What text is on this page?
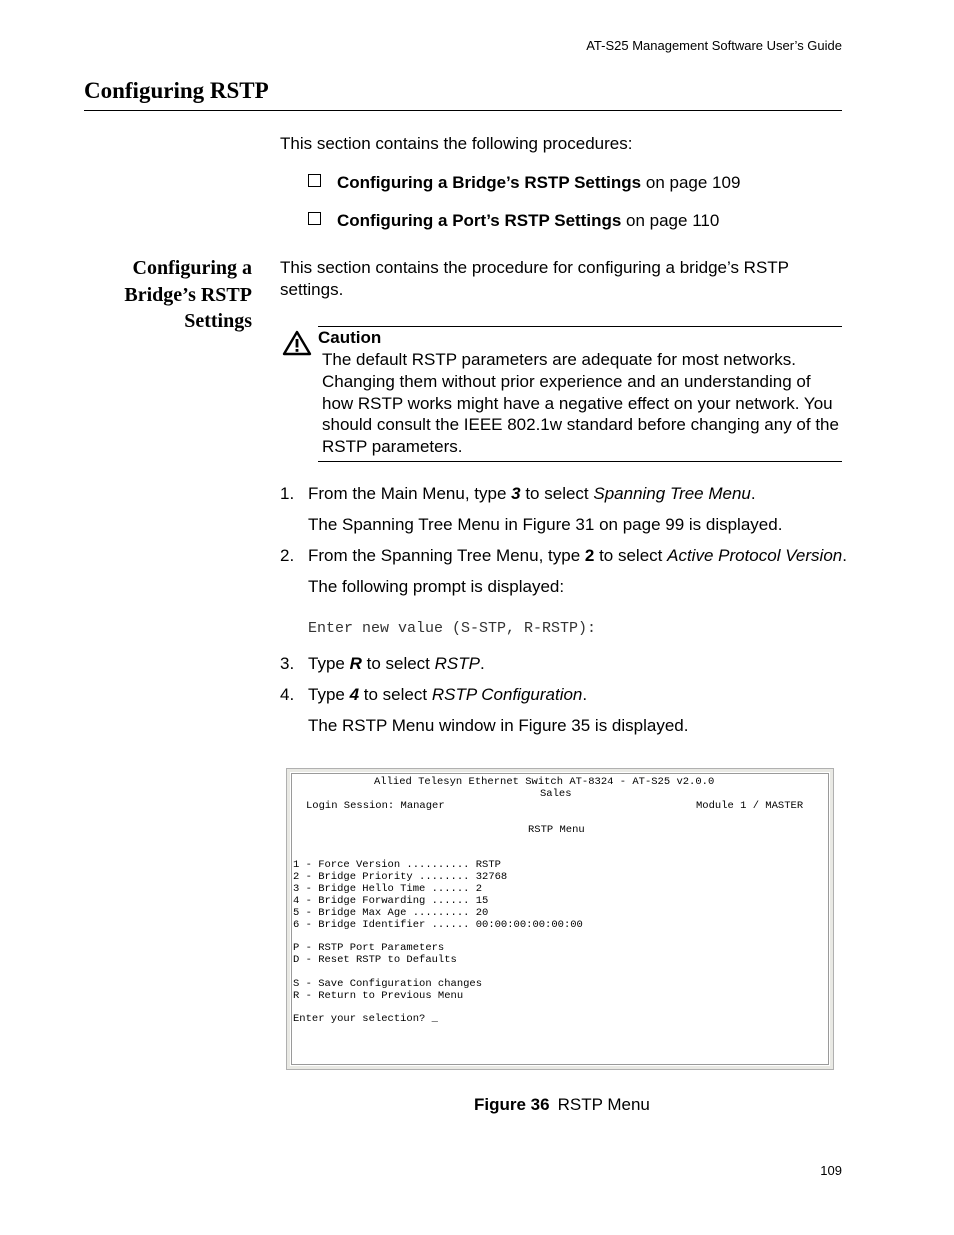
AT-S25 Management Software User’s Guide
Configuring RSTP
This section contains the following procedures:
Configuring a Bridge’s RSTP Settings on page 109
Configuring a Port’s RSTP Settings on page 110
Configuring a
Bridge’s RSTP
Settings
This section contains the procedure for configuring a bridge’s RSTP settings.
Caution
The default RSTP parameters are adequate for most networks. Changing them without prior experience and an understanding of how RSTP works might have a negative effect on your network. You should consult the IEEE 802.1w standard before changing any of the RSTP parameters.
1. From the Main Menu, type 3 to select Spanning Tree Menu.
The Spanning Tree Menu in Figure 31 on page 99 is displayed.
2. From the Spanning Tree Menu, type 2 to select Active Protocol Version.
The following prompt is displayed:
Enter new value (S-STP, R-RSTP):
3. Type R to select RSTP.
4. Type 4 to select RSTP Configuration.
The RSTP Menu window in Figure 35 is displayed.
Allied Telesyn Ethernet Switch AT-8324 - AT-S25 v2.0.0
Sales
Login Session: Manager	Module 1 / MASTER
RSTP Menu
1 - Force Version .......... RSTP
2 - Bridge Priority ........ 32768
3 - Bridge Hello Time ...... 2
4 - Bridge Forwarding ...... 15
5 - Bridge Max Age ......... 20
6 - Bridge Identifier ...... 00:00:00:00:00:00
P - RSTP Port Parameters
D - Reset RSTP to Defaults
S - Save Configuration changes
R - Return to Previous Menu
Enter your selection? _
Figure 36 RSTP Menu
109
